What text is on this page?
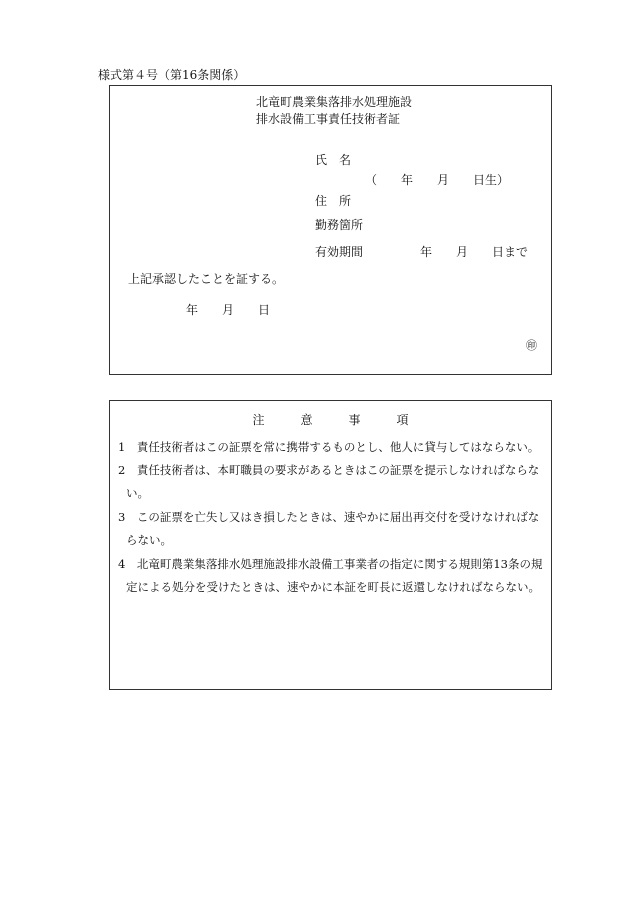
様式第４号（第16条関係）
北竜町農業集落排水処理施設
排水設備工事責任技術者証
氏　名
（　　年　　月　　日生）
住　所
勤務箇所
有効期間	年　　月　　日まで
上記承認したことを証する。
年　　月　　日
㊞
注　　　意　　　事　　　項
1　責任技術者はこの証票を常に携帯するものとし、他人に貸与してはならない。
2　責任技術者は、本町職員の要求があるときはこの証票を提示しなければならな
い。
3　この証票を亡失し又はき損したときは、速やかに届出再交付を受けなければな
らない。
4　北竜町農業集落排水処理施設排水設備工事業者の指定に関する規則第13条の規
定による処分を受けたときは、速やかに本証を町長に返還しなければならない。
